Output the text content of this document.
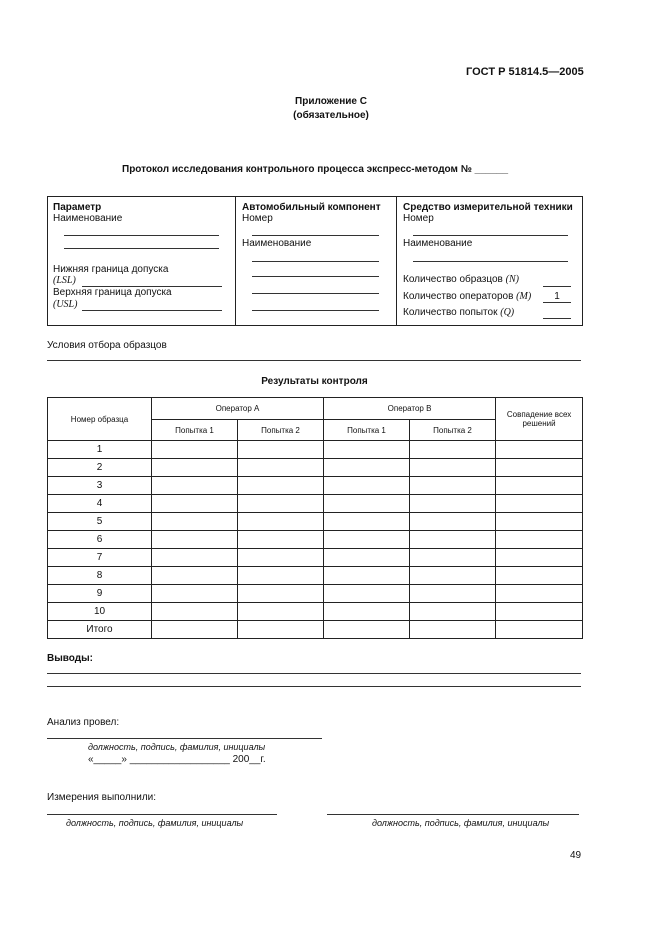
ГОСТ Р 51814.5—2005
Приложение С
(обязательное)
Протокол исследования контрольного процесса экспресс-методом № ______
Параметр
Наименование
Нижняя граница допуска
(LSL)
Верхняя граница допуска
(USL)
Автомобильный компонент
Номер
Наименование
Средство измерительной техники
Номер
Наименование
Количество образцов (N)
Количество операторов (M)	1
Количество попыток (Q)
Условия отбора образцов
Результаты контроля
Номер образца	Оператор А		Оператор В		Совпадение всех решений
	Попытка 1	Попытка 2	Попытка 1	Попытка 2	
1					
2					
3					
4					
5					
6					
7					
8					
9					
10					
Итого					
Выводы:
Анализ провел:
должность, подпись, фамилия, инициалы
«_____» __________________ 200__г.
Измерения выполнили:
должность, подпись, фамилия, инициалы	должность, подпись, фамилия, инициалы
49
